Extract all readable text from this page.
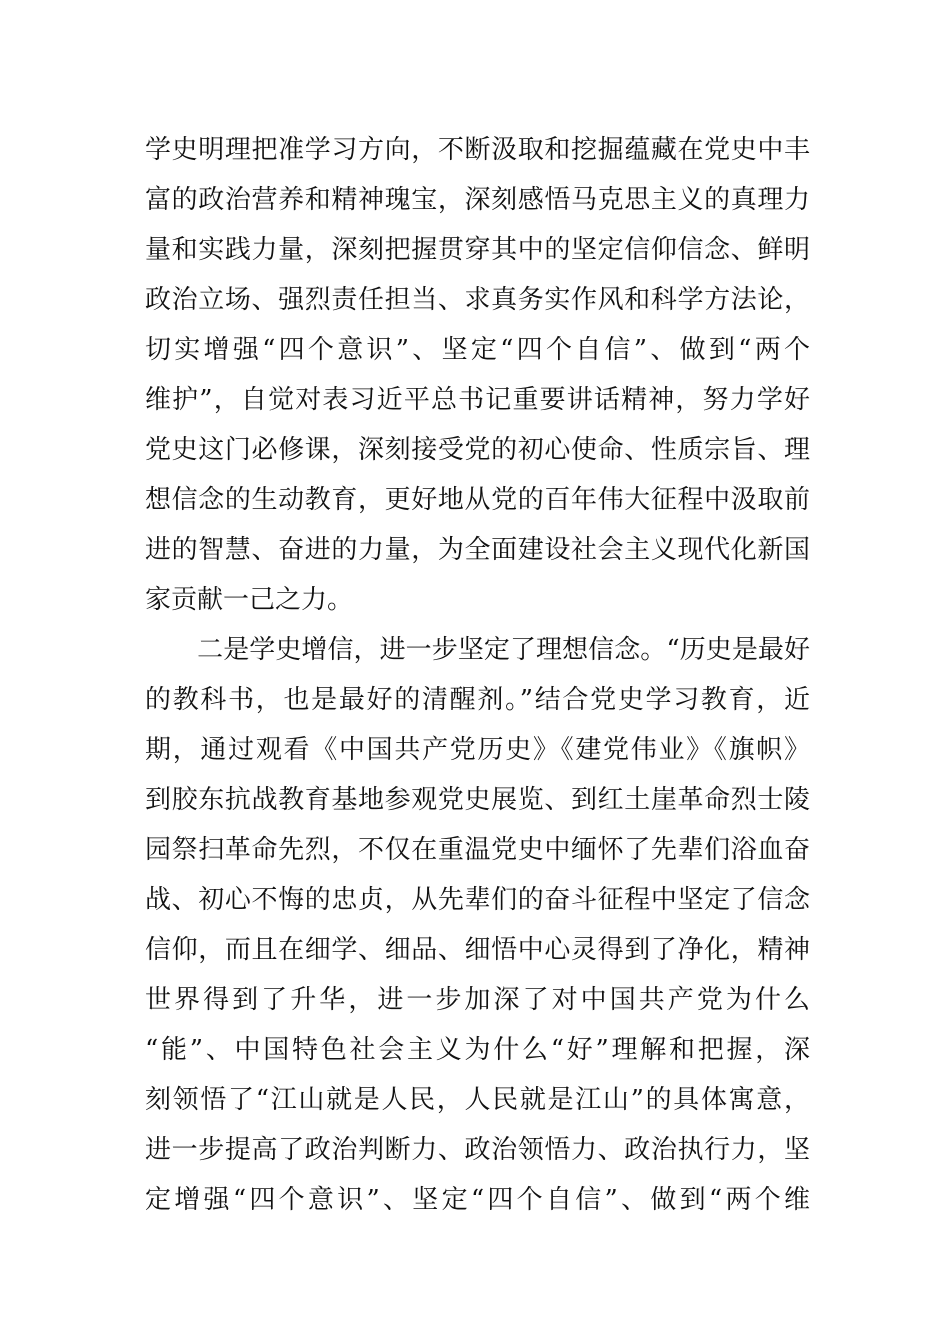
学史明理把准学习方向，不断汲取和挖掘蕴藏在党史中丰
富的政治营养和精神瑰宝，深刻感悟马克思主义的真理力
量和实践力量，深刻把握贯穿其中的坚定信仰信念、鲜明
政治立场、强烈责任担当、求真务实作风和科学方法论，
切实增强“四个意识”、坚定“四个自信”、做到“两个
维护”，自觉对表习近平总书记重要讲话精神，努力学好
党史这门必修课，深刻接受党的初心使命、性质宗旨、理
想信念的生动教育，更好地从党的百年伟大征程中汲取前
进的智慧、奋进的力量，为全面建设社会主义现代化新国
家贡献一己之力。
　　二是学史增信，进一步坚定了理想信念。“历史是最好
的教科书，也是最好的清醒剂。”结合党史学习教育，近
期，通过观看《中国共产党历史》《建党伟业》《旗帜》
到胶东抗战教育基地参观党史展览、到红土崖革命烈士陵
园祭扫革命先烈，不仅在重温党史中缅怀了先辈们浴血奋
战、初心不悔的忠贞，从先辈们的奋斗征程中坚定了信念
信仰，而且在细学、细品、细悟中心灵得到了净化，精神
世界得到了升华，进一步加深了对中国共产党为什么
“能”、中国特色社会主义为什么“好”理解和把握，深
刻领悟了“江山就是人民，人民就是江山”的具体寓意，
进一步提高了政治判断力、政治领悟力、政治执行力，坚
定增强“四个意识”、坚定“四个自信”、做到“两个维
